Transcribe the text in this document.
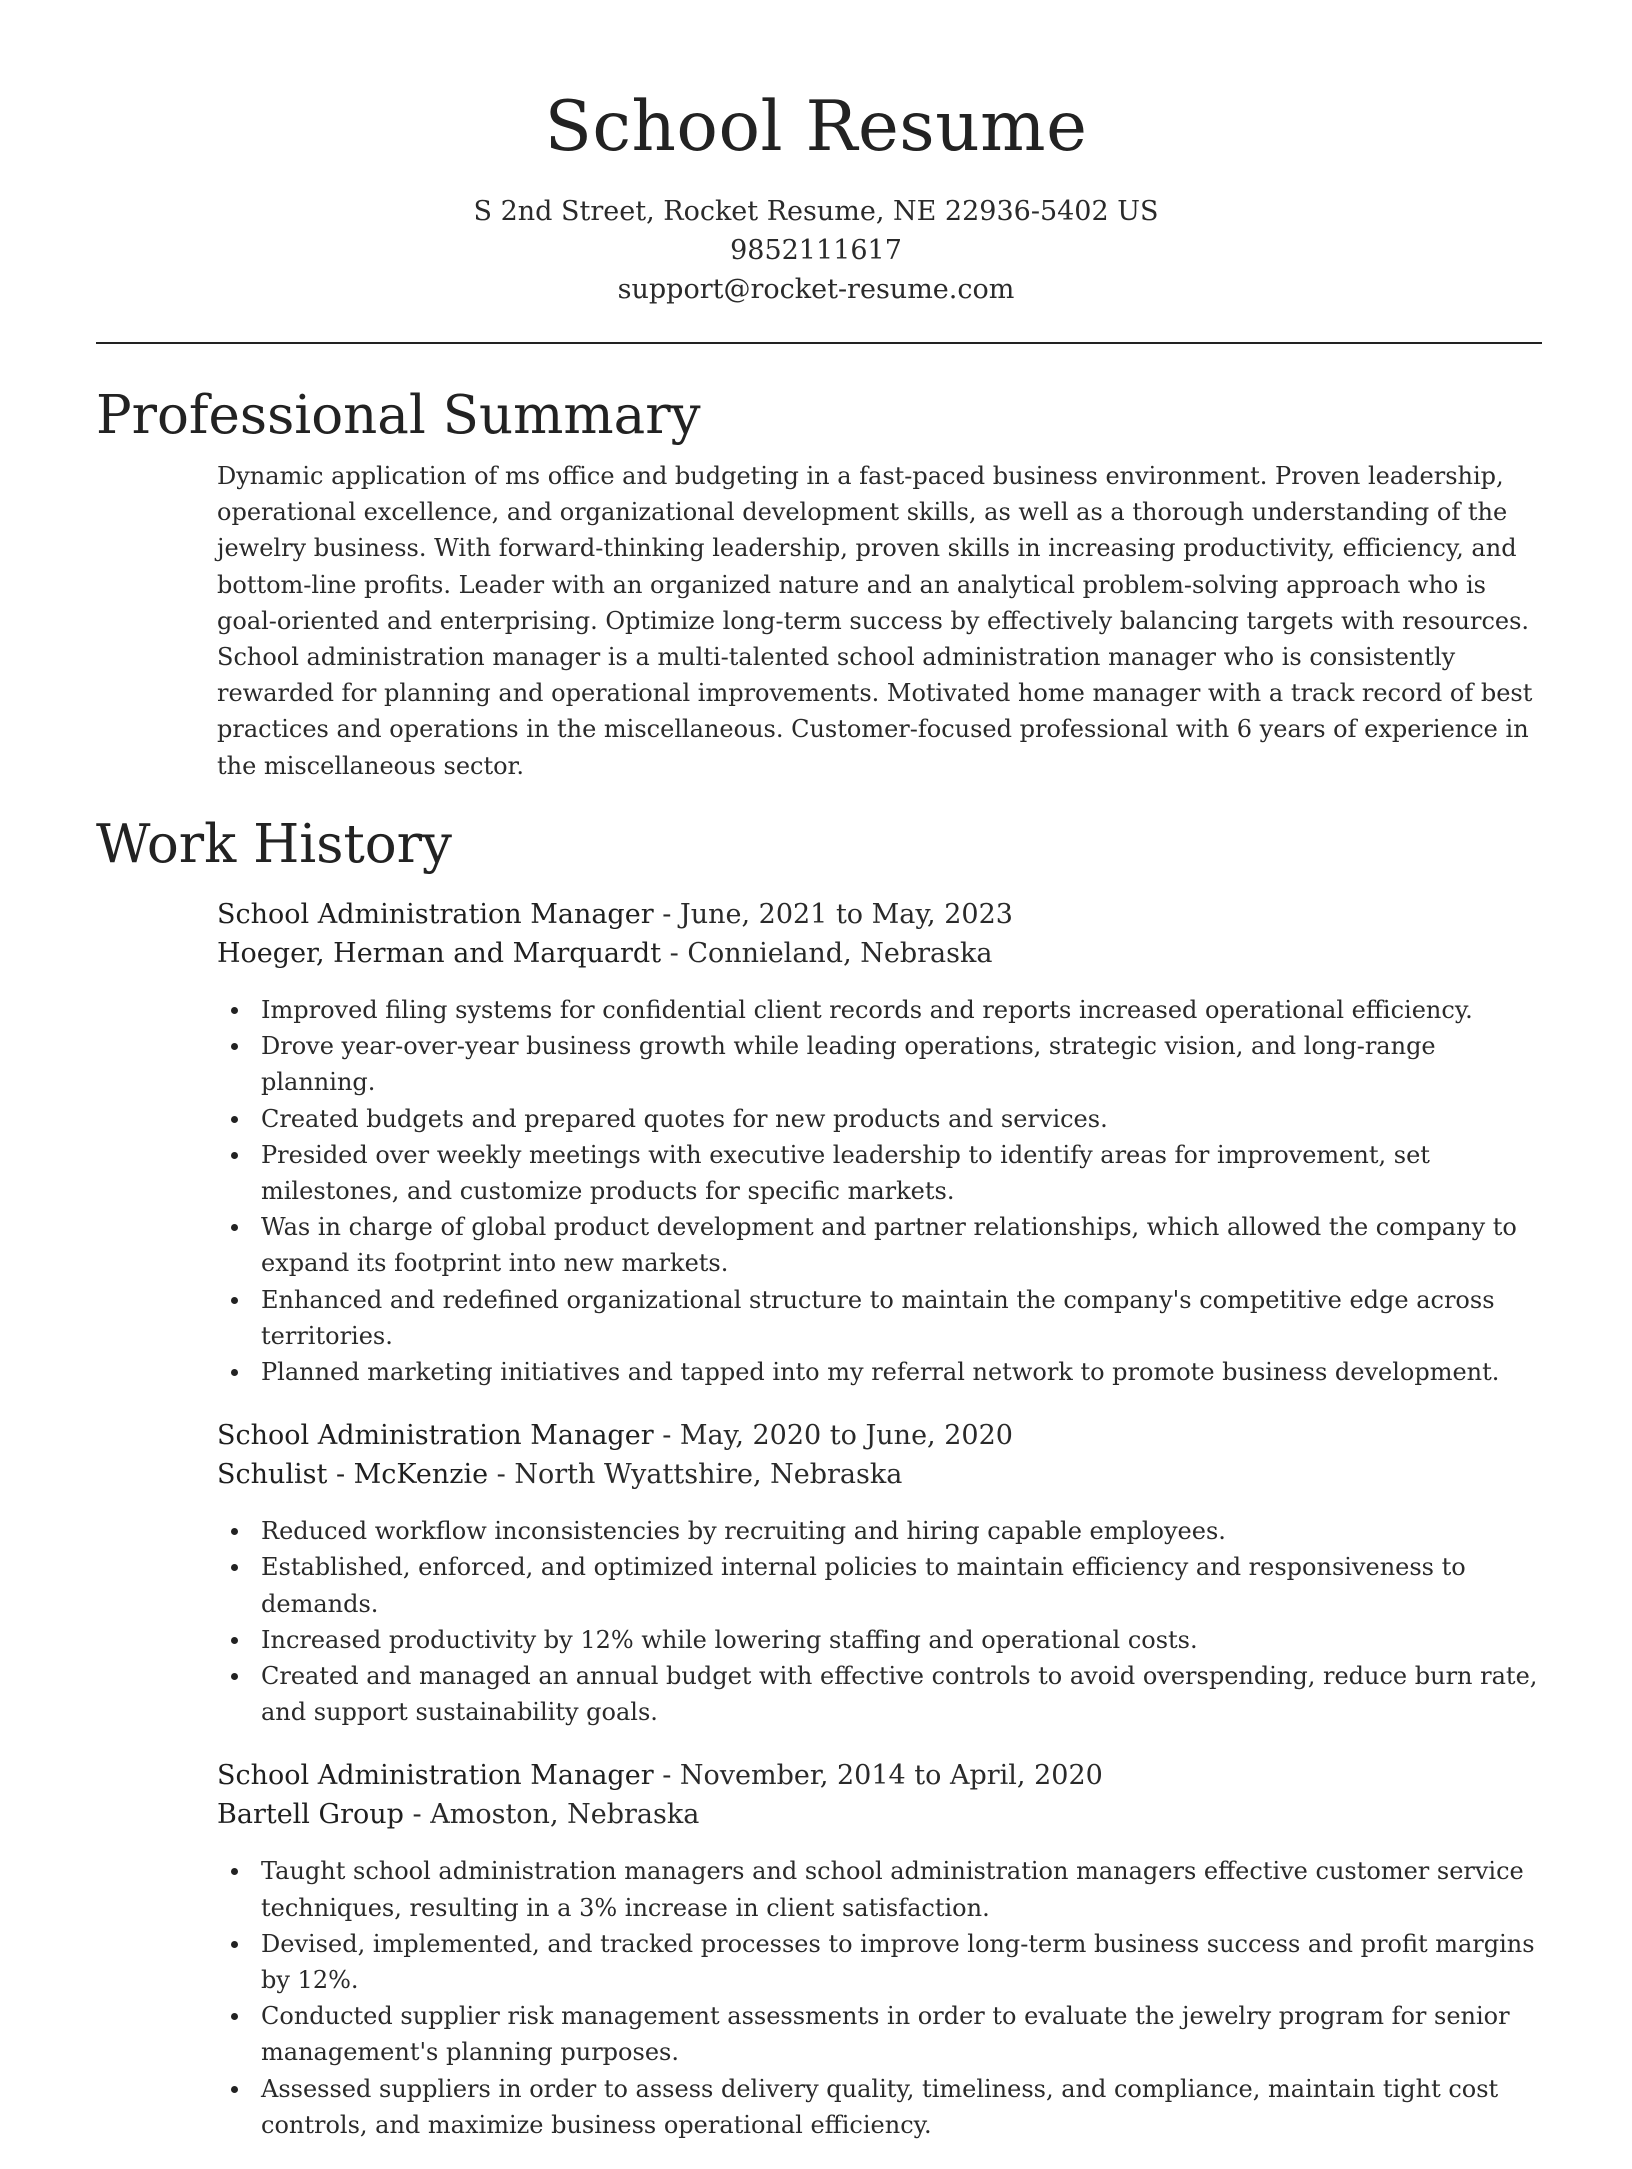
School Resume
S 2nd Street, Rocket Resume, NE 22936-5402 US
9852111617
support@rocket-resume.com
Professional Summary

Dynamic application of ms office and budgeting in a fast-paced business environment. Proven leadership, operational excellence, and organizational development skills, as well as a thorough understanding of the jewelry business. With forward-thinking leadership, proven skills in increasing productivity, efficiency, and bottom-line profits. Leader with an organized nature and an analytical problem-solving approach who is goal-oriented and enterprising. Optimize long-term success by effectively balancing targets with resources. School administration manager is a multi-talented school administration manager who is consistently rewarded for planning and operational improvements. Motivated home manager with a track record of best practices and operations in the miscellaneous. Customer-focused professional with 6 years of experience in the miscellaneous sector.

Work History
School Administration Manager - June, 2021 to May, 2023
Hoeger, Herman and Marquardt - Connieland, Nebraska
Improved filing systems for confidential client records and reports increased operational efficiency.
Drove year-over-year business growth while leading operations, strategic vision, and long-range planning.
Created budgets and prepared quotes for new products and services.
Presided over weekly meetings with executive leadership to identify areas for improvement, set milestones, and customize products for specific markets.
Was in charge of global product development and partner relationships, which allowed the company to expand its footprint into new markets.
Enhanced and redefined organizational structure to maintain the company's competitive edge across territories.
Planned marketing initiatives and tapped into my referral network to promote business development.
School Administration Manager - May, 2020 to June, 2020
Schulist - McKenzie - North Wyattshire, Nebraska
Reduced workflow inconsistencies by recruiting and hiring capable employees.
Established, enforced, and optimized internal policies to maintain efficiency and responsiveness to demands.
Increased productivity by 12% while lowering staffing and operational costs.
Created and managed an annual budget with effective controls to avoid overspending, reduce burn rate, and support sustainability goals.
School Administration Manager - November, 2014 to April, 2020
Bartell Group - Amoston, Nebraska
Taught school administration managers and school administration managers effective customer service techniques, resulting in a 3% increase in client satisfaction.
Devised, implemented, and tracked processes to improve long-term business success and profit margins by 12%.
Conducted supplier risk management assessments in order to evaluate the jewelry program for senior management's planning purposes.
Assessed suppliers in order to assess delivery quality, timeliness, and compliance, maintain tight cost controls, and maximize business operational efficiency.
